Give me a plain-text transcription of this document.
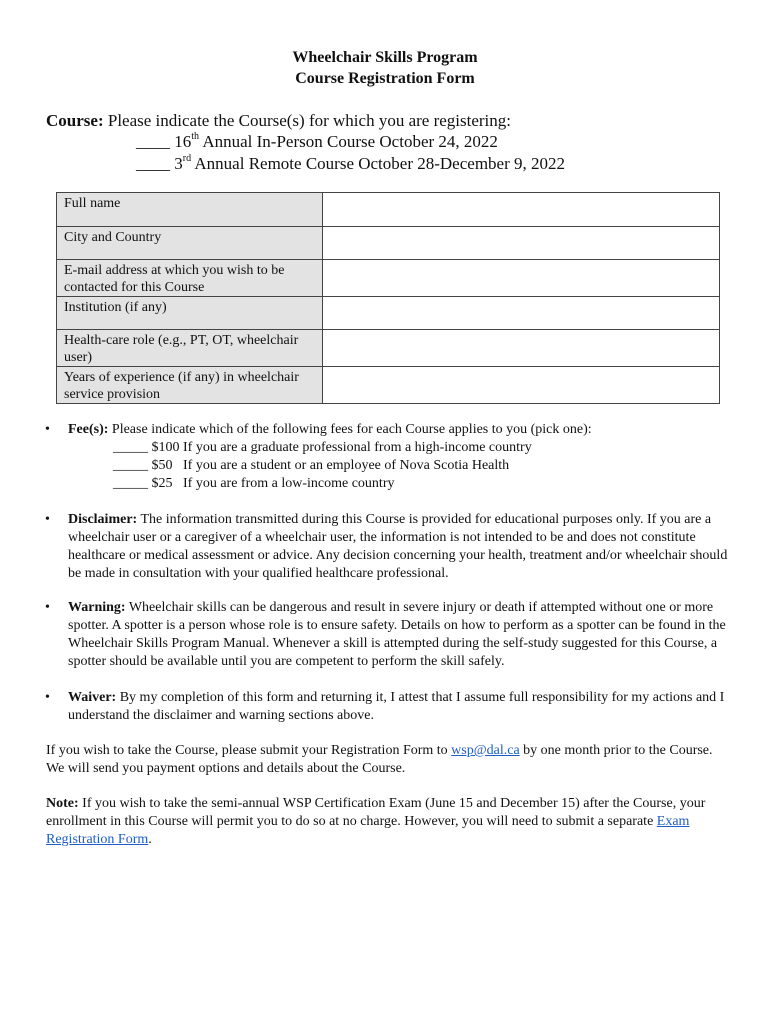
Wheelchair Skills Program
Course Registration Form
Course: Please indicate the Course(s) for which you are registering:
____ 16th Annual In-Person Course October 24, 2022
____ 3rd Annual Remote Course October 28-December 9, 2022
Full name	
City and Country	
E-mail address at which you wish to be contacted for this Course	
Institution (if any)	
Health-care role (e.g., PT, OT, wheelchair user)	
Years of experience (if any) in wheelchair service provision	
• Fee(s): Please indicate which of the following fees for each Course applies to you (pick one):
_____ $100 If you are a graduate professional from a high-income country
_____ $50 If you are a student or an employee of Nova Scotia Health
_____ $25 If you are from a low-income country
• Disclaimer: The information transmitted during this Course is provided for educational purposes only. If you are a wheelchair user or a caregiver of a wheelchair user, the information is not intended to be and does not constitute healthcare or medical assessment or advice. Any decision concerning your health, treatment and/or wheelchair should be made in consultation with your qualified healthcare professional.
• Warning: Wheelchair skills can be dangerous and result in severe injury or death if attempted without one or more spotter. A spotter is a person whose role is to ensure safety. Details on how to perform as a spotter can be found in the Wheelchair Skills Program Manual. Whenever a skill is attempted during the self-study suggested for this Course, a spotter should be available until you are competent to perform the skill safely.
• Waiver: By my completion of this form and returning it, I attest that I assume full responsibility for my actions and I understand the disclaimer and warning sections above.
If you wish to take the Course, please submit your Registration Form to wsp@dal.ca by one month prior to the Course. We will send you payment options and details about the Course.
Note: If you wish to take the semi-annual WSP Certification Exam (June 15 and December 15) after the Course, your enrollment in this Course will permit you to do so at no charge. However, you will need to submit a separate Exam Registration Form.
